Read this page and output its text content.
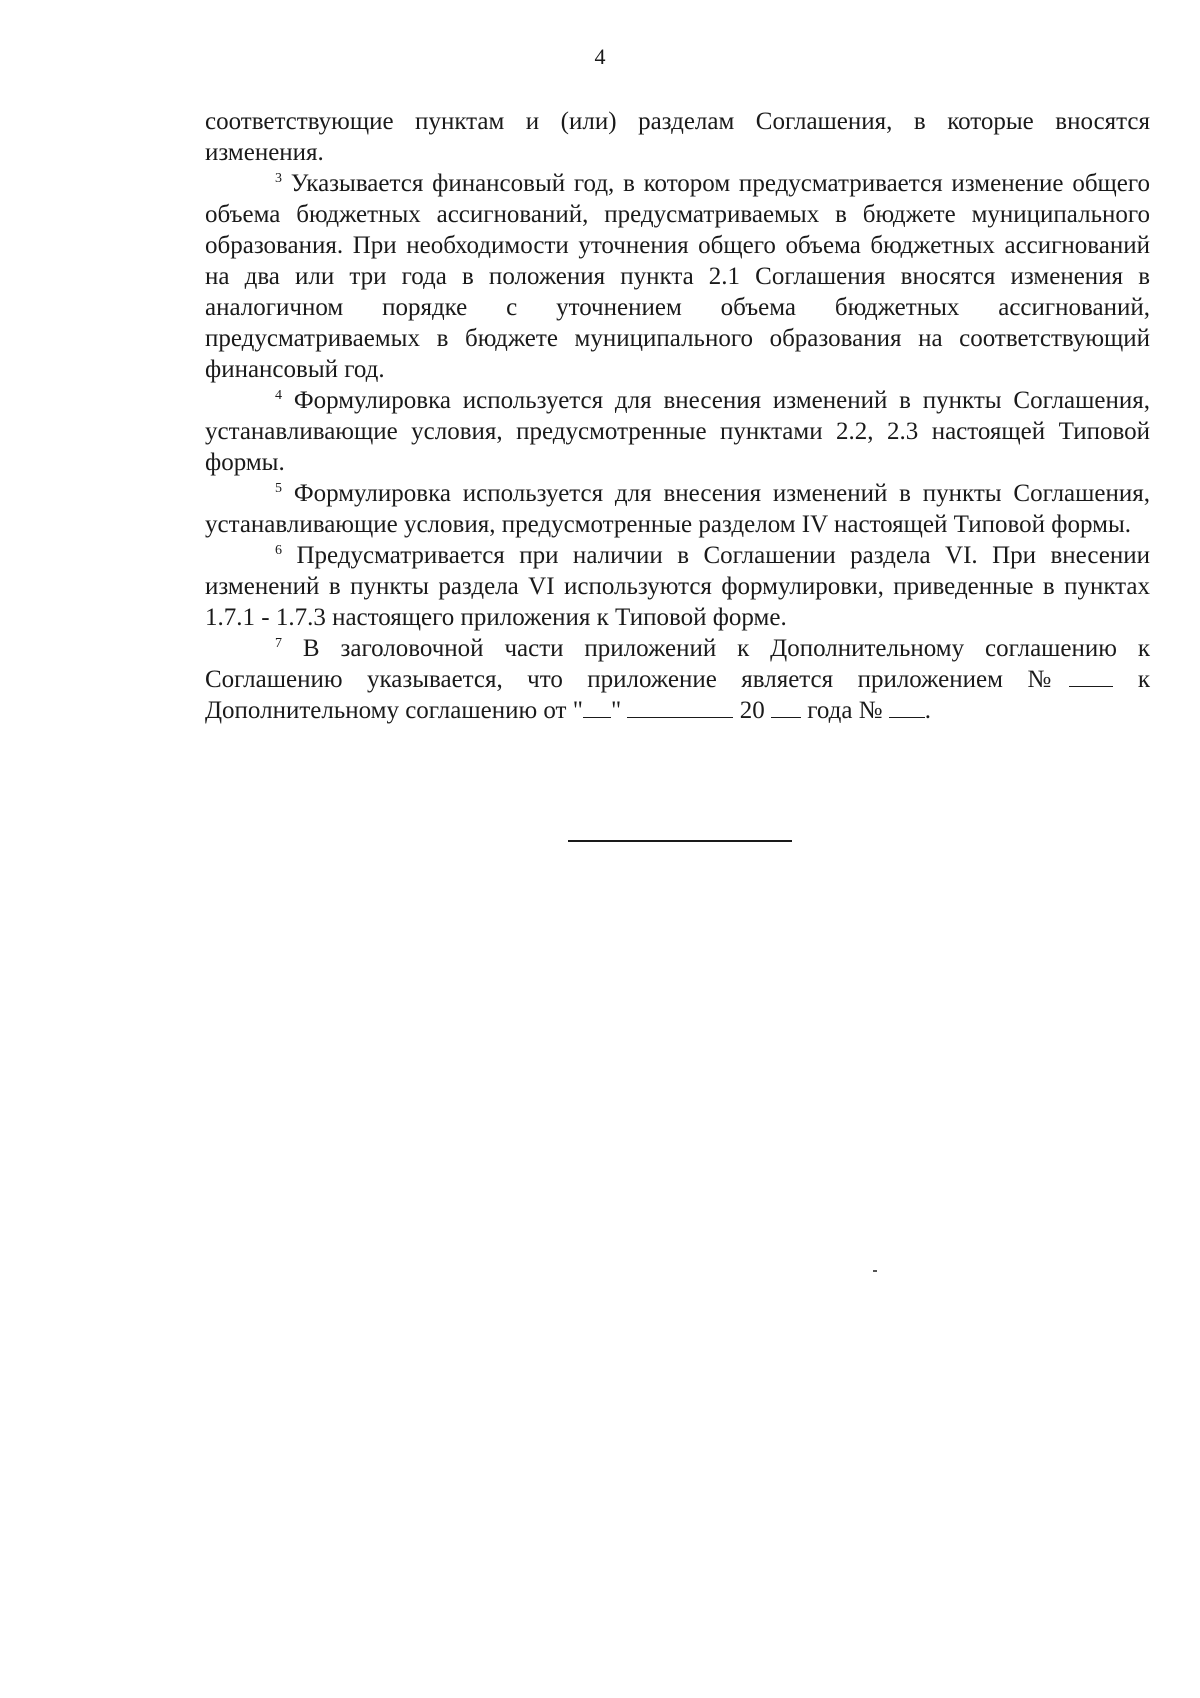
4

соответствующие пунктам и (или) разделам Соглашения, в которые вносятся изменения.

$^3$ Указывается финансовый год, в котором предусматривается изменение общего объема бюджетных ассигнований, предусматриваемых в бюджете муниципального образования. При необходимости уточнения общего объема бюджетных ассигнований на два или три года в положения пункта 2.1 Соглашения вносятся изменения в аналогичном порядке с уточнением объема бюджетных ассигнований, предусматриваемых в бюджете муниципального образования на соответствующий финансовый год.

$^4$ Формулировка используется для внесения изменений в пункты Соглашения, устанавливающие условия, предусмотренные пунктами 2.2, 2.3 настоящей Типовой формы.

$^5$ Формулировка используется для внесения изменений в пункты Соглашения, устанавливающие условия, предусмотренные разделом IV настоящей Типовой формы.

$^6$ Предусматривается при наличии в Соглашении раздела VI. При внесении изменений в пункты раздела VI используются формулировки, приведенные в пунктах 1.7.1 - 1.7.3 настоящего приложения к Типовой форме.

$^7$ В заголовочной части приложений к Дополнительному соглашению к Соглашению указывается, что приложение является приложением №	к Дополнительному соглашению от " "	20 года № .
